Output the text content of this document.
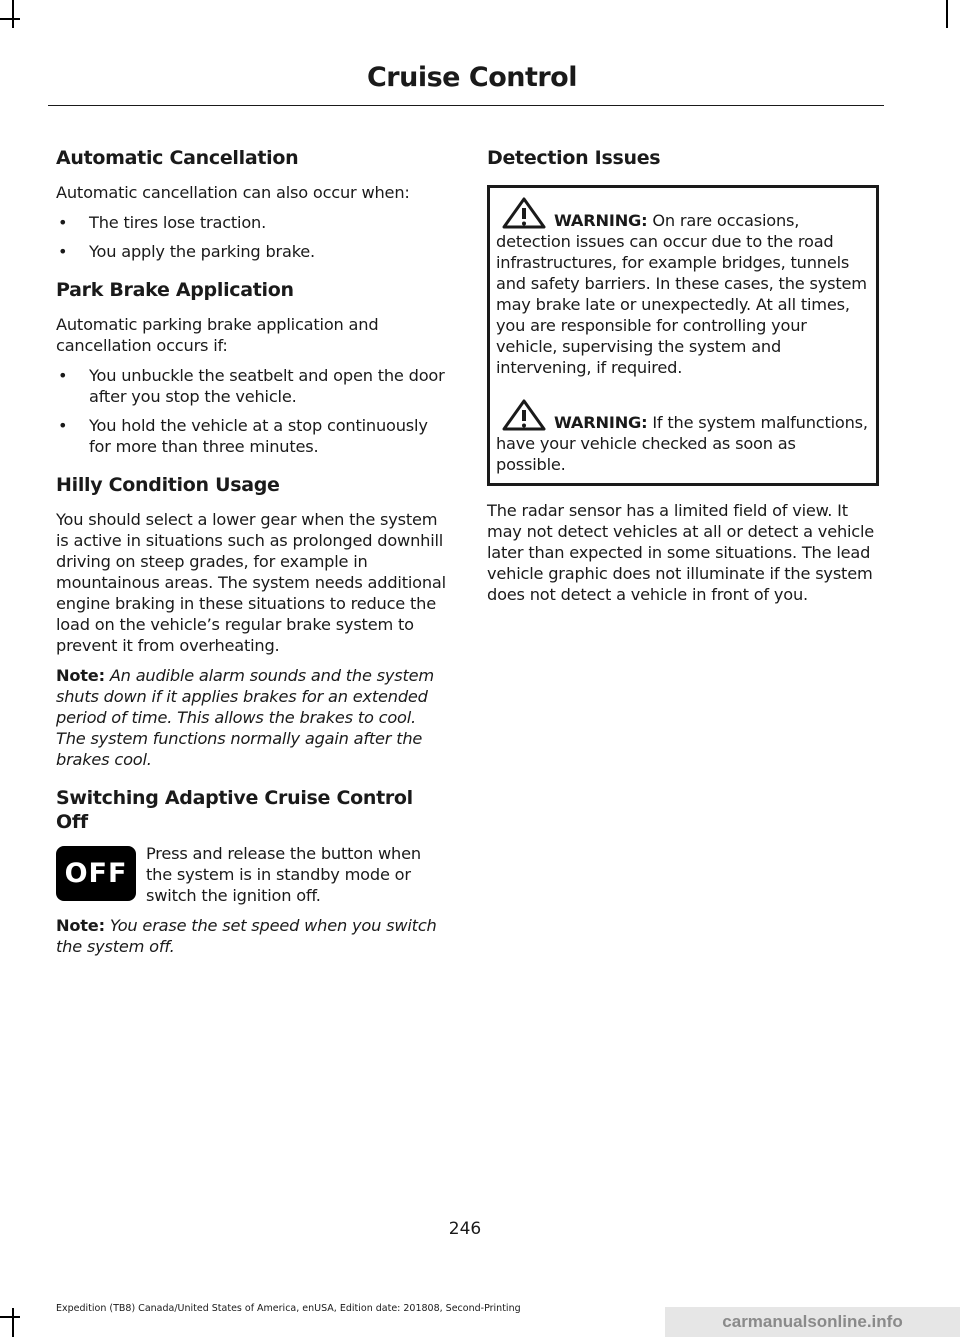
Cruise Control
Automatic Cancellation

Automatic cancellation can also occur when:

• The tires lose traction.
• You apply the parking brake.
Park Brake Application

Automatic parking brake application and cancellation occurs if:

• You unbuckle the seatbelt and open the door after you stop the vehicle.
• You hold the vehicle at a stop continuously for more than three minutes.
Hilly Condition Usage

You should select a lower gear when the system is active in situations such as prolonged downhill driving on steep grades, for example in mountainous areas. The system needs additional engine braking in these situations to reduce the load on the vehicle’s regular brake system to prevent it from overheating.

Note: An audible alarm sounds and the system shuts down if it applies brakes for an extended period of time. This allows the brakes to cool. The system functions normally again after the brakes cool.

Switching Adaptive Cruise Control Off
OFF

Press and release the button when the system is in standby mode or switch the ignition off.

Note: You erase the set speed when you switch the system off.

Detection Issues
WARNING: On rare occasions, detection issues can occur due to the road infrastructures, for example bridges, tunnels and safety barriers. In these cases, the system may brake late or unexpectedly. At all times, you are responsible for controlling your vehicle, supervising the system and intervening, if required.
WARNING: If the system malfunctions, have your vehicle checked as soon as possible.

The radar sensor has a limited field of view. It may not detect vehicles at all or detect a vehicle later than expected in some situations. The lead vehicle graphic does not illuminate if the system does not detect a vehicle in front of you.

246
Expedition (TB8) Canada/United States of America, enUSA, Edition date: 201808, Second-Printing
carmanualsonline.info
